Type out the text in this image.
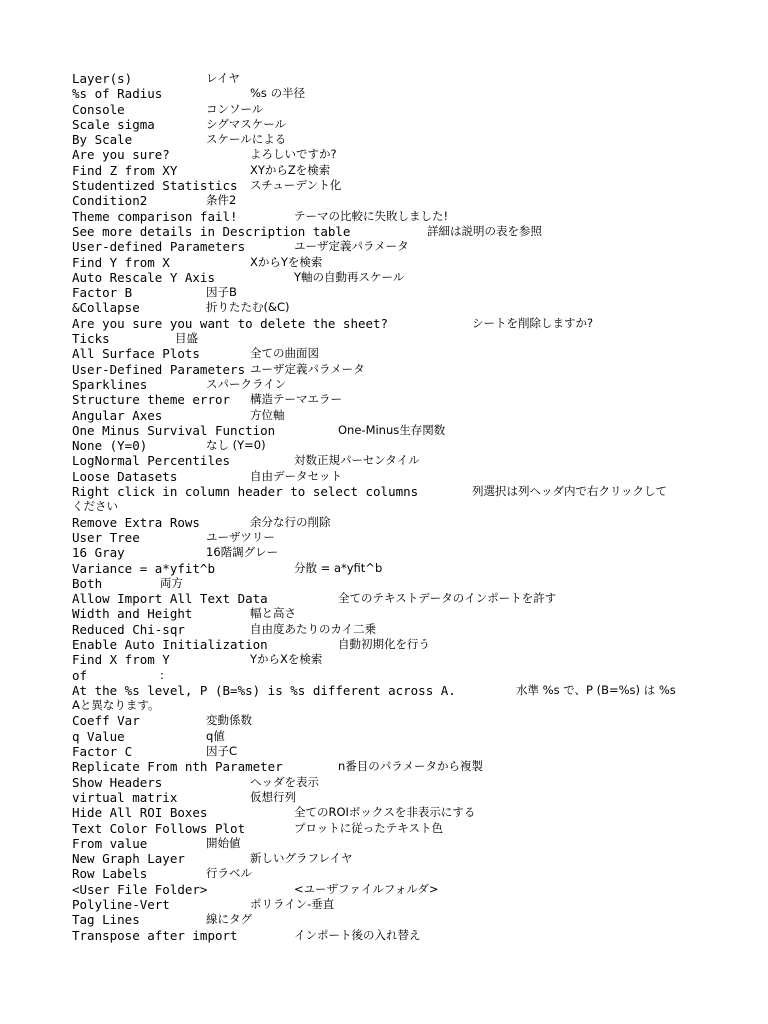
Layer(s)	レイヤ
%s of Radius	%s の半径
Console	コンソール
Scale sigma	シグマスケール
By Scale	スケールによる
Are you sure?	よろしいですか?
Find Z from XY	XYからZを検索
Studentized Statistics スチューデント化
Condition2	条件2
Theme comparison fail!	テーマの比較に失敗しました!
See more details in Description table	詳細は説明の表を参照
User-defined Parameters	ユーザ定義パラメータ
Find Y from X	XからYを検索
Auto Rescale Y Axis	Y軸の自動再スケール
Factor B	因子B
&Collapse	折りたたむ(&C)
Are you sure you want to delete the sheet?	シートを削除しますか?
Ticks	目盛
All Surface Plots	全ての曲面図
User-Defined Parameters ユーザ定義パラメータ
Sparklines	スパークライン
Structure theme error 構造テーマエラー
Angular Axes	方位軸
One Minus Survival Function	One-Minus生存関数
None (Y=0)	なし (Y=0)
LogNormal Percentiles	対数正規パーセンタイル
Loose Datasets	自由データセット
Right click in column header to select columns	列選択は列ヘッダ内で右クリックして
ください
Remove Extra Rows	余分な行の削除
User Tree	ユーザツリー
16 Gray	16階調グレー
Variance = a*yfit^b	分散 = a*yfit^b
Both	両方
Allow Import All Text Data	全てのテキストデータのインポートを許す
Width and Height	幅と高さ
Reduced Chi-sqr	自由度あたりのカイ二乗
Enable Auto Initialization	自動初期化を行う
Find X from Y	YからXを検索
of	:
At the %s level, P (B=%s) is %s different across A.	水準 %s で、P (B=%s) は %s
Aと異なります。
Coeff Var	変動係数
q Value	q値
Factor C	因子C
Replicate From nth Parameter	n番目のパラメータから複製
Show Headers	ヘッダを表示
virtual matrix	仮想行列
Hide All ROI Boxes	全てのROIボックスを非表示にする
Text Color Follows Plot	プロットに従ったテキスト色
From value	開始値
New Graph Layer	新しいグラフレイヤ
Row Labels	行ラベル
<User File Folder>	<ユーザファイルフォルダ>
Polyline-Vert	ポリライン-垂直
Tag Lines	線にタグ
Transpose after import	インポート後の入れ替え
